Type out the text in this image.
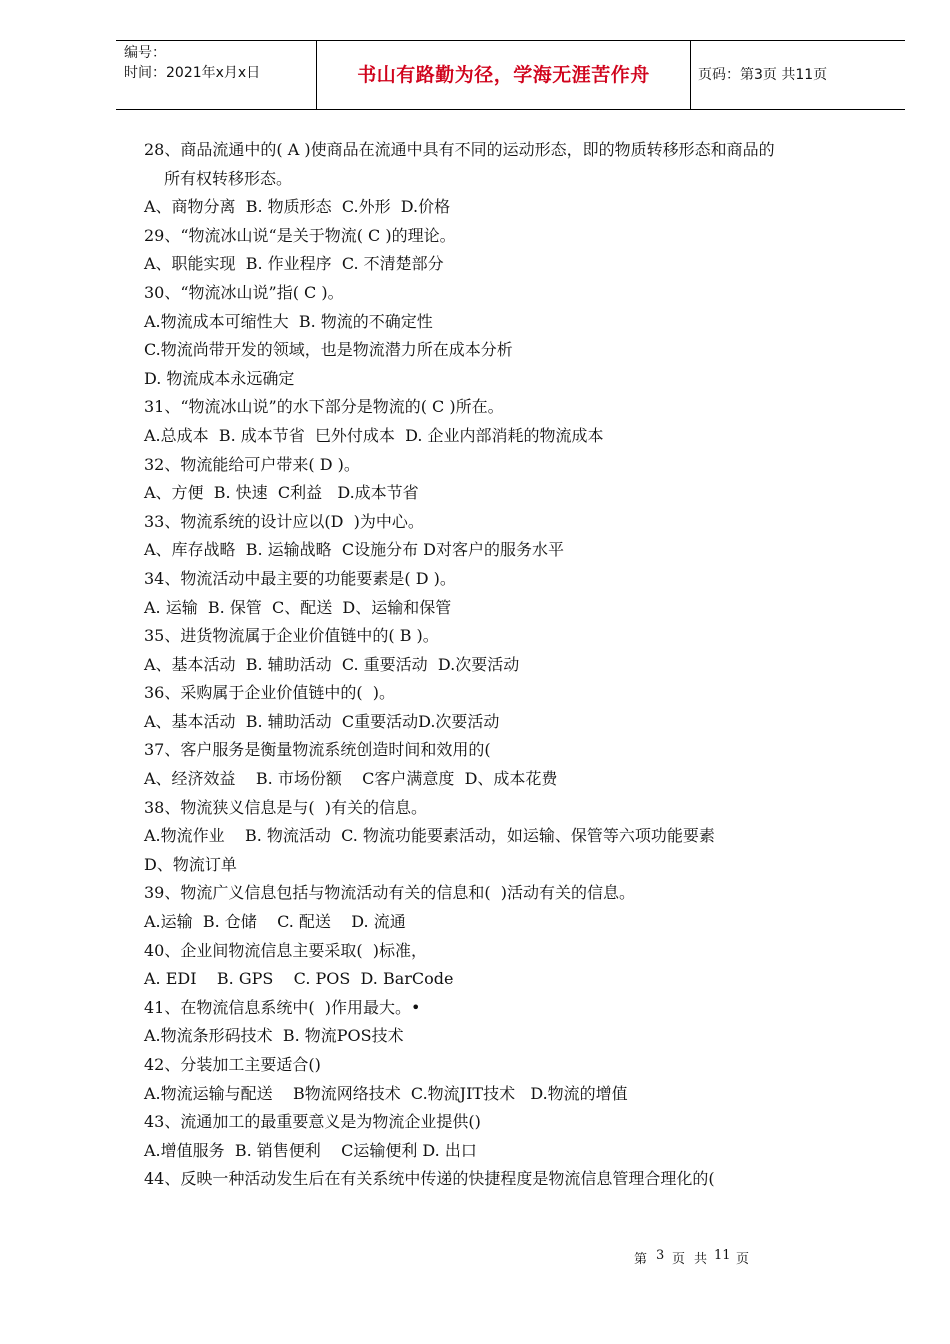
编号：
时间：2021年x月x日	书山有路勤为径，学海无涯苦作舟	页码：第3页 共11页
28、商品流通中的( A )使商品在流通中具有不同的运动形态，即的物质转移形态和商品的
所有权转移形态。
A、商物分离  B. 物质形态  C.外形  D.价格
29、“物流冰山说“是关于物流( C )的理论。
A、职能实现  B. 作业程序  C. 不清楚部分
30、“物流冰山说”指( C )。
A.物流成本可缩性大  B. 物流的不确定性
C.物流尚带开发的领域，也是物流潜力所在成本分析
D. 物流成本永远确定
31、“物流冰山说”的水下部分是物流的( C )所在。
A.总成本  B. 成本节省  巳外付成本  D. 企业内部消耗的物流成本
32、物流能给可户带来( D )。
A、方便  B. 快速  C利益   D.成本节省
33、物流系统的设计应以(D  )为中心。
A、库存战略  B. 运输战略  C设施分布 D对客户的服务水平
34、物流活动中最主要的功能要素是( D )。
A. 运输  B. 保管  C、配送  D、运输和保管
35、进货物流属于企业价值链中的( B )。
A、基本活动  B. 辅助活动  C. 重要活动  D.次要活动
36、采购属于企业价值链中的(  )。
A、基本活动  B. 辅助活动  C重要活动D.次要活动
37、客户服务是衡量物流系统创造时间和效用的(
A、经济效益    B. 市场份额    C客户满意度  D、成本花费
38、物流狭义信息是与(  )有关的信息。
A.物流作业    B. 物流活动  C. 物流功能要素活动，如运输、保管等六项功能要素
D、物流订单
39、物流广义信息包括与物流活动有关的信息和(  )活动有关的信息。
A.运输  B. 仓储    C. 配送    D. 流通
40、企业间物流信息主要采取(  )标准，
A. EDI    B. GPS    C. POS  D. BarCode
41、在物流信息系统中(  )作用最大。•
A.物流条形码技术  B. 物流POS技术
42、分装加工主要适合()
A.物流运输与配送    B物流网络技术  C.物流JIT技术   D.物流的增值
43、流通加工的最重要意义是为物流企业提供()
A.增值服务  B. 销售便利    C运输便利 D. 出口
44、反映一种活动发生后在有关系统中传递的快捷程度是物流信息管理合理化的(
第 3 页 共 11 页
